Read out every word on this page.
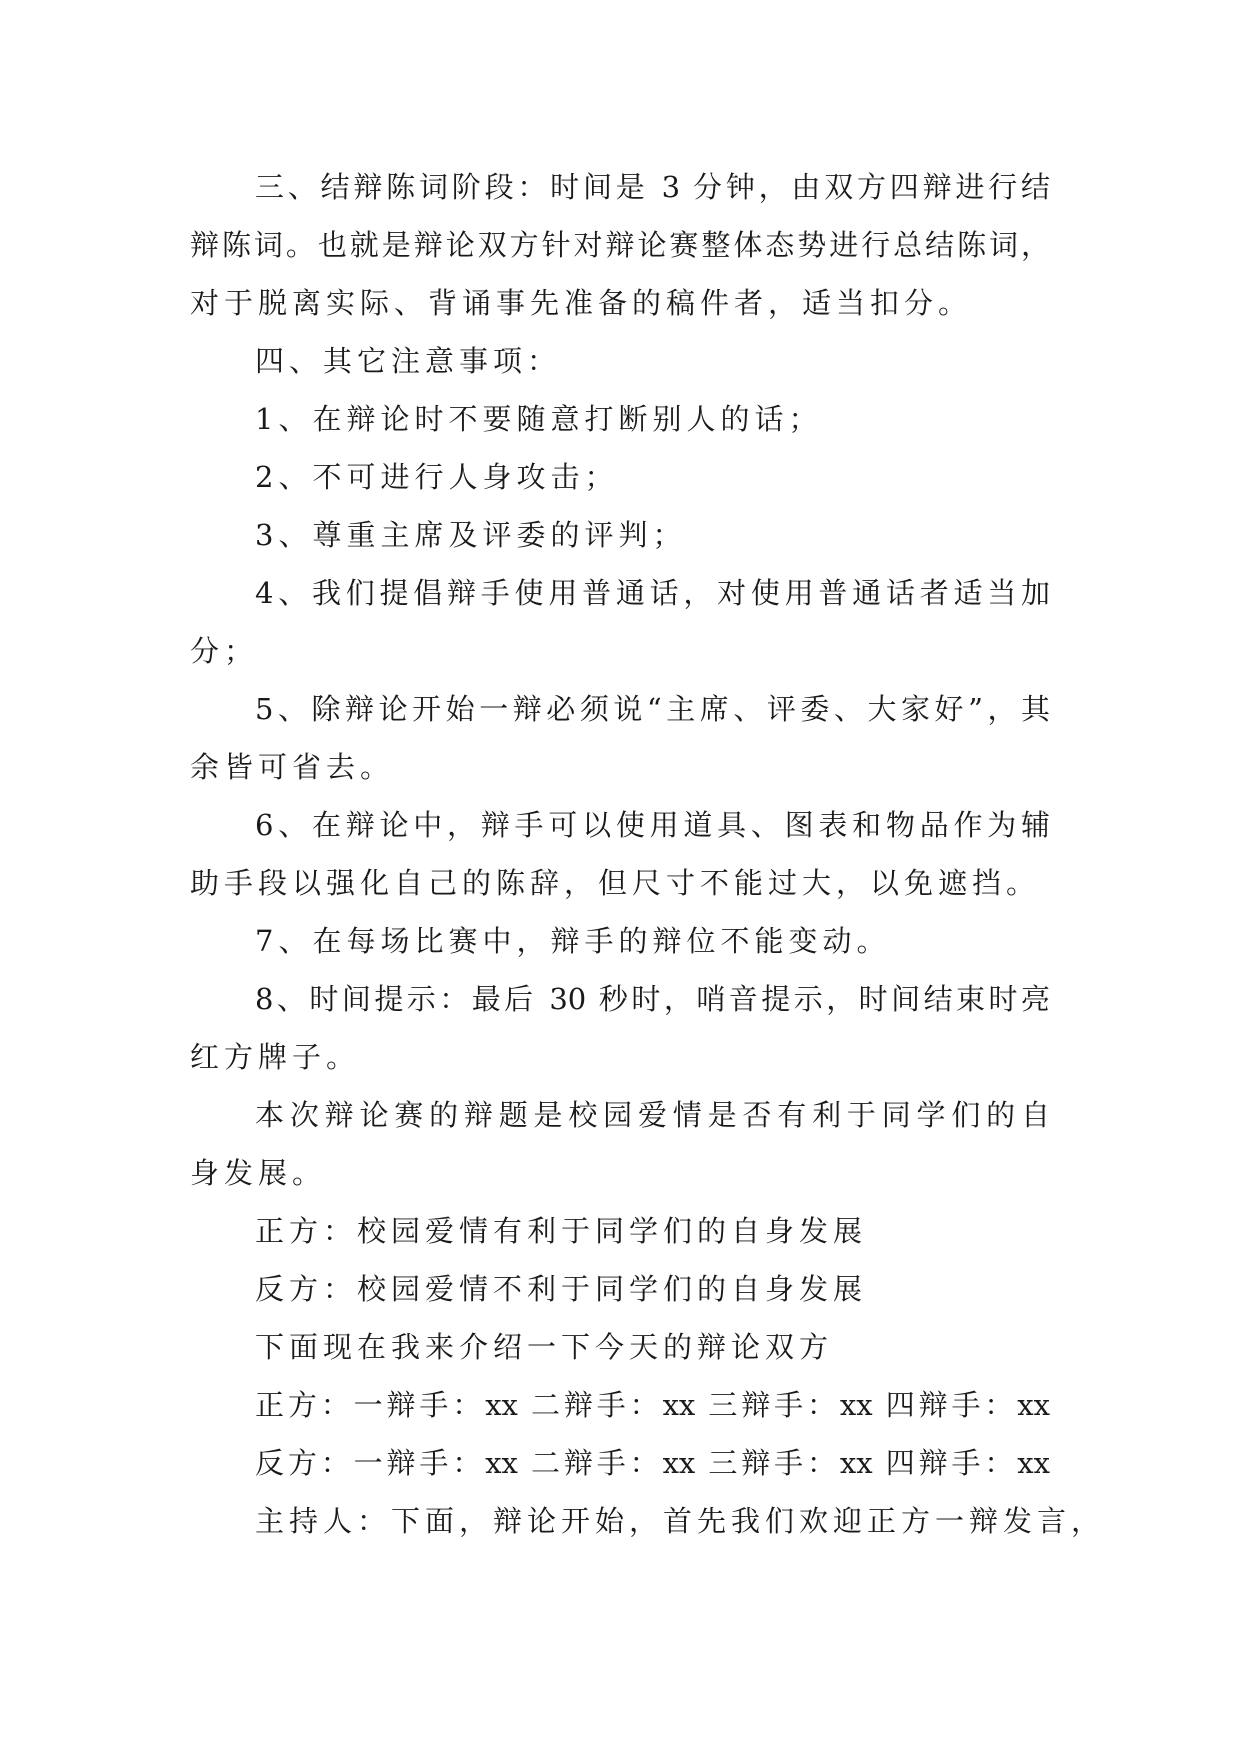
三、结辩陈词阶段：时间是 3 分钟，由双方四辩进行结
辩陈词。也就是辩论双方针对辩论赛整体态势进行总结陈词，
对于脱离实际、背诵事先准备的稿件者，适当扣分。
四、其它注意事项：
1、在辩论时不要随意打断别人的话；
2、不可进行人身攻击；
3、尊重主席及评委的评判；
4、我们提倡辩手使用普通话，对使用普通话者适当加
分；
5、除辩论开始一辩必须说“主席、评委、大家好”，其
余皆可省去。
6、在辩论中，辩手可以使用道具、图表和物品作为辅
助手段以强化自己的陈辞，但尺寸不能过大，以免遮挡。
7、在每场比赛中，辩手的辩位不能变动。
8、时间提示：最后 30 秒时，哨音提示，时间结束时亮
红方牌子。
本次辩论赛的辩题是校园爱情是否有利于同学们的自
身发展。
正方：校园爱情有利于同学们的自身发展
反方：校园爱情不利于同学们的自身发展
下面现在我来介绍一下今天的辩论双方
正方：一辩手：xx 二辩手：xx 三辩手：xx 四辩手：xx
反方：一辩手：xx 二辩手：xx 三辩手：xx 四辩手：xx
主持人：下面，辩论开始，首先我们欢迎正方一辩发言，
